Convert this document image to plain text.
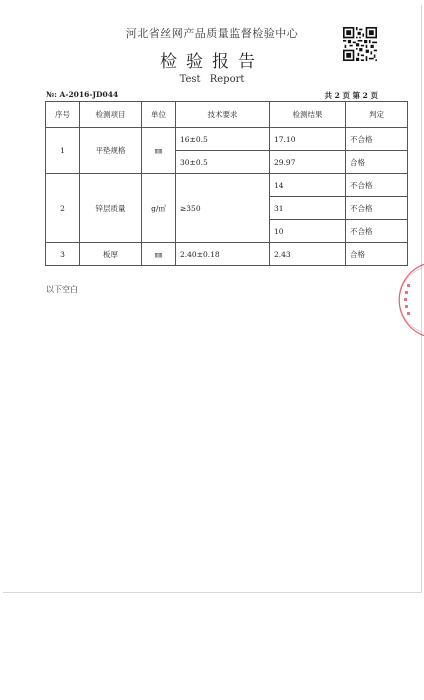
河北省丝网产品质量监督检验中心
检验报告
Test Report
№: A-2016-JD044	共 2 页 第 2 页
序号	检测项目	单位	技术要求	检测结果	判定
1	平垫规格	㎜	16±0.5	17.10	不合格
			30±0.5	29.97	合格
2	锌层质量	g/㎡	≥350	14	不合格
				31	不合格
				10	不合格
3	板厚	㎜	2.40±0.18	2.43	合格
以下空白
